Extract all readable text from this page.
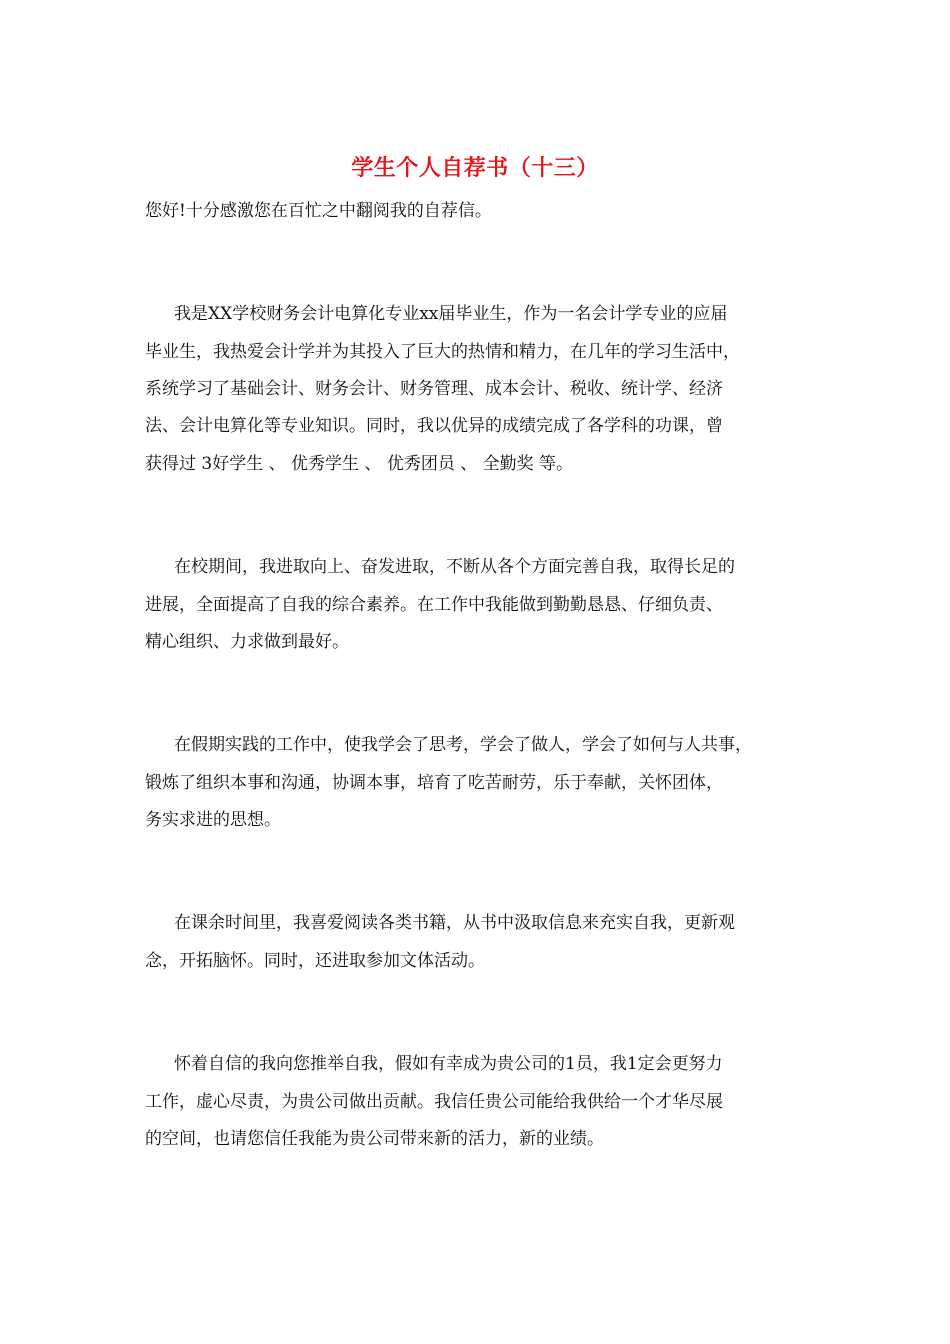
学生个人自荐书（十三）
您好!十分感激您在百忙之中翻阅我的自荐信。
我是XX学校财务会计电算化专业xx届毕业生，作为一名会计学专业的应届
毕业生，我热爱会计学并为其投入了巨大的热情和精力，在几年的学习生活中，
系统学习了基础会计、财务会计、财务管理、成本会计、税收、统计学、经济
法、会计电算化等专业知识。同时，我以优异的成绩完成了各学科的功课，曾
获得过 3好学生 、 优秀学生 、 优秀团员 、 全勤奖 等。
在校期间，我进取向上、奋发进取，不断从各个方面完善自我，取得长足的
进展，全面提高了自我的综合素养。在工作中我能做到勤勤恳恳、仔细负责、
精心组织、力求做到最好。
在假期实践的工作中，使我学会了思考，学会了做人，学会了如何与人共事，
锻炼了组织本事和沟通，协调本事，培育了吃苦耐劳，乐于奉献，关怀团体，
务实求进的思想。
在课余时间里，我喜爱阅读各类书籍，从书中汲取信息来充实自我，更新观
念，开拓脑怀。同时，还进取参加文体活动。
怀着自信的我向您推举自我，假如有幸成为贵公司的1员，我1定会更努力
工作，虚心尽责，为贵公司做出贡献。我信任贵公司能给我供给一个才华尽展
的空间，也请您信任我能为贵公司带来新的活力，新的业绩。
